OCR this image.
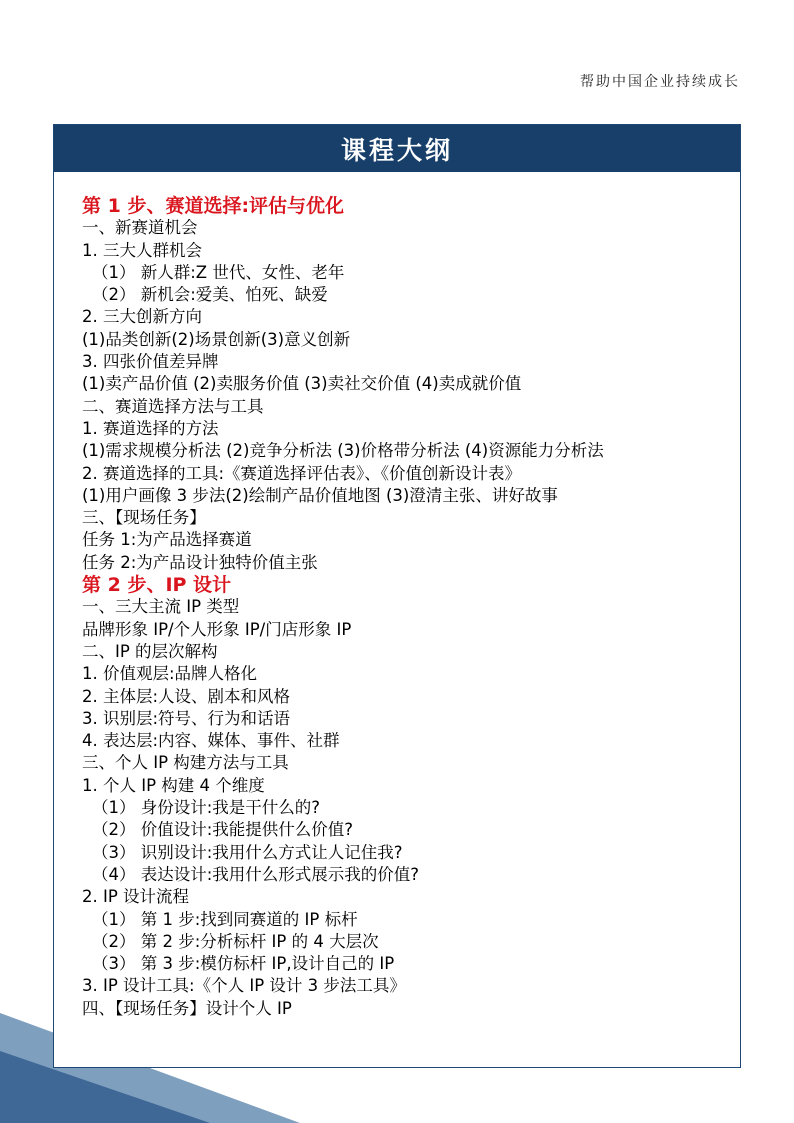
帮助中国企业持续成长
课程大纲
第 1 步、赛道选择:评估与优化
一、新赛道机会
1. 三大人群机会
（1） 新人群:Z 世代、女性、老年
（2） 新机会:爱美、怕死、缺爱
2. 三大创新方向
(1)品类创新(2)场景创新(3)意义创新
3. 四张价值差异牌
(1)卖产品价值 (2)卖服务价值 (3)卖社交价值 (4)卖成就价值
二、赛道选择方法与工具
1. 赛道选择的方法
(1)需求规模分析法 (2)竞争分析法 (3)价格带分析法 (4)资源能力分析法
2. 赛道选择的工具:《赛道选择评估表》、《价值创新设计表》
(1)用户画像 3 步法(2)绘制产品价值地图 (3)澄清主张、讲好故事
三、【现场任务】
任务 1:为产品选择赛道
任务 2:为产品设计独特价值主张
第 2 步、IP 设计
一、三大主流 IP 类型
品牌形象 IP/个人形象 IP/门店形象 IP
二、IP 的层次解构
1. 价值观层:品牌人格化
2. 主体层:人设、剧本和风格
3. 识别层:符号、行为和话语
4. 表达层:内容、媒体、事件、社群
三、个人 IP 构建方法与工具
1. 个人 IP 构建 4 个维度
（1） 身份设计:我是干什么的?
（2） 价值设计:我能提供什么价值?
（3） 识别设计:我用什么方式让人记住我?
（4） 表达设计:我用什么形式展示我的价值?
2. IP 设计流程
（1） 第 1 步:找到同赛道的 IP 标杆
（2） 第 2 步:分析标杆 IP 的 4 大层次
（3） 第 3 步:模仿标杆 IP,设计自己的 IP
3. IP 设计工具:《个人 IP 设计 3 步法工具》
四、【现场任务】设计个人 IP
